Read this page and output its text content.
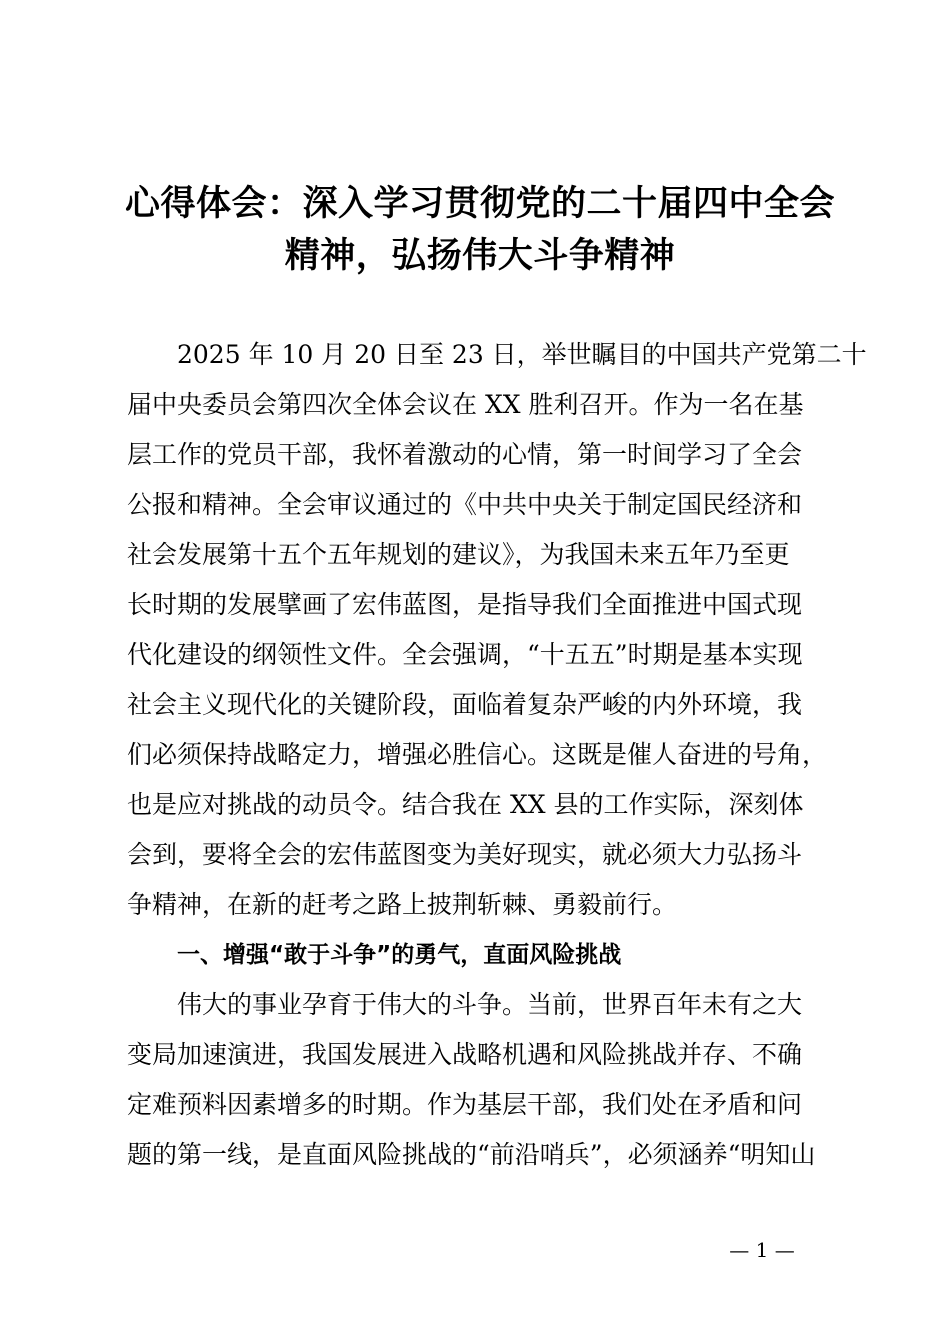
心得体会：深入学习贯彻党的二十届四中全会
精神，弘扬伟大斗争精神
2025 年 10 月 20 日至 23 日，举世瞩目的中国共产党第二十
届中央委员会第四次全体会议在 XX 胜利召开。作为一名在基
层工作的党员干部，我怀着激动的心情，第一时间学习了全会
公报和精神。全会审议通过的《中共中央关于制定国民经济和
社会发展第十五个五年规划的建议》，为我国未来五年乃至更
长时期的发展擘画了宏伟蓝图，是指导我们全面推进中国式现
代化建设的纲领性文件。全会强调，“十五五”时期是基本实现
社会主义现代化的关键阶段，面临着复杂严峻的内外环境，我
们必须保持战略定力，增强必胜信心。这既是催人奋进的号角，
也是应对挑战的动员令。结合我在 XX 县的工作实际，深刻体
会到，要将全会的宏伟蓝图变为美好现实，就必须大力弘扬斗
争精神，在新的赶考之路上披荆斩棘、勇毅前行。
一、增强“敢于斗争”的勇气，直面风险挑战
伟大的事业孕育于伟大的斗争。当前，世界百年未有之大
变局加速演进，我国发展进入战略机遇和风险挑战并存、不确
定难预料因素增多的时期。作为基层干部，我们处在矛盾和问
题的第一线，是直面风险挑战的“前沿哨兵”，必须涵养“明知山
— 1 —
